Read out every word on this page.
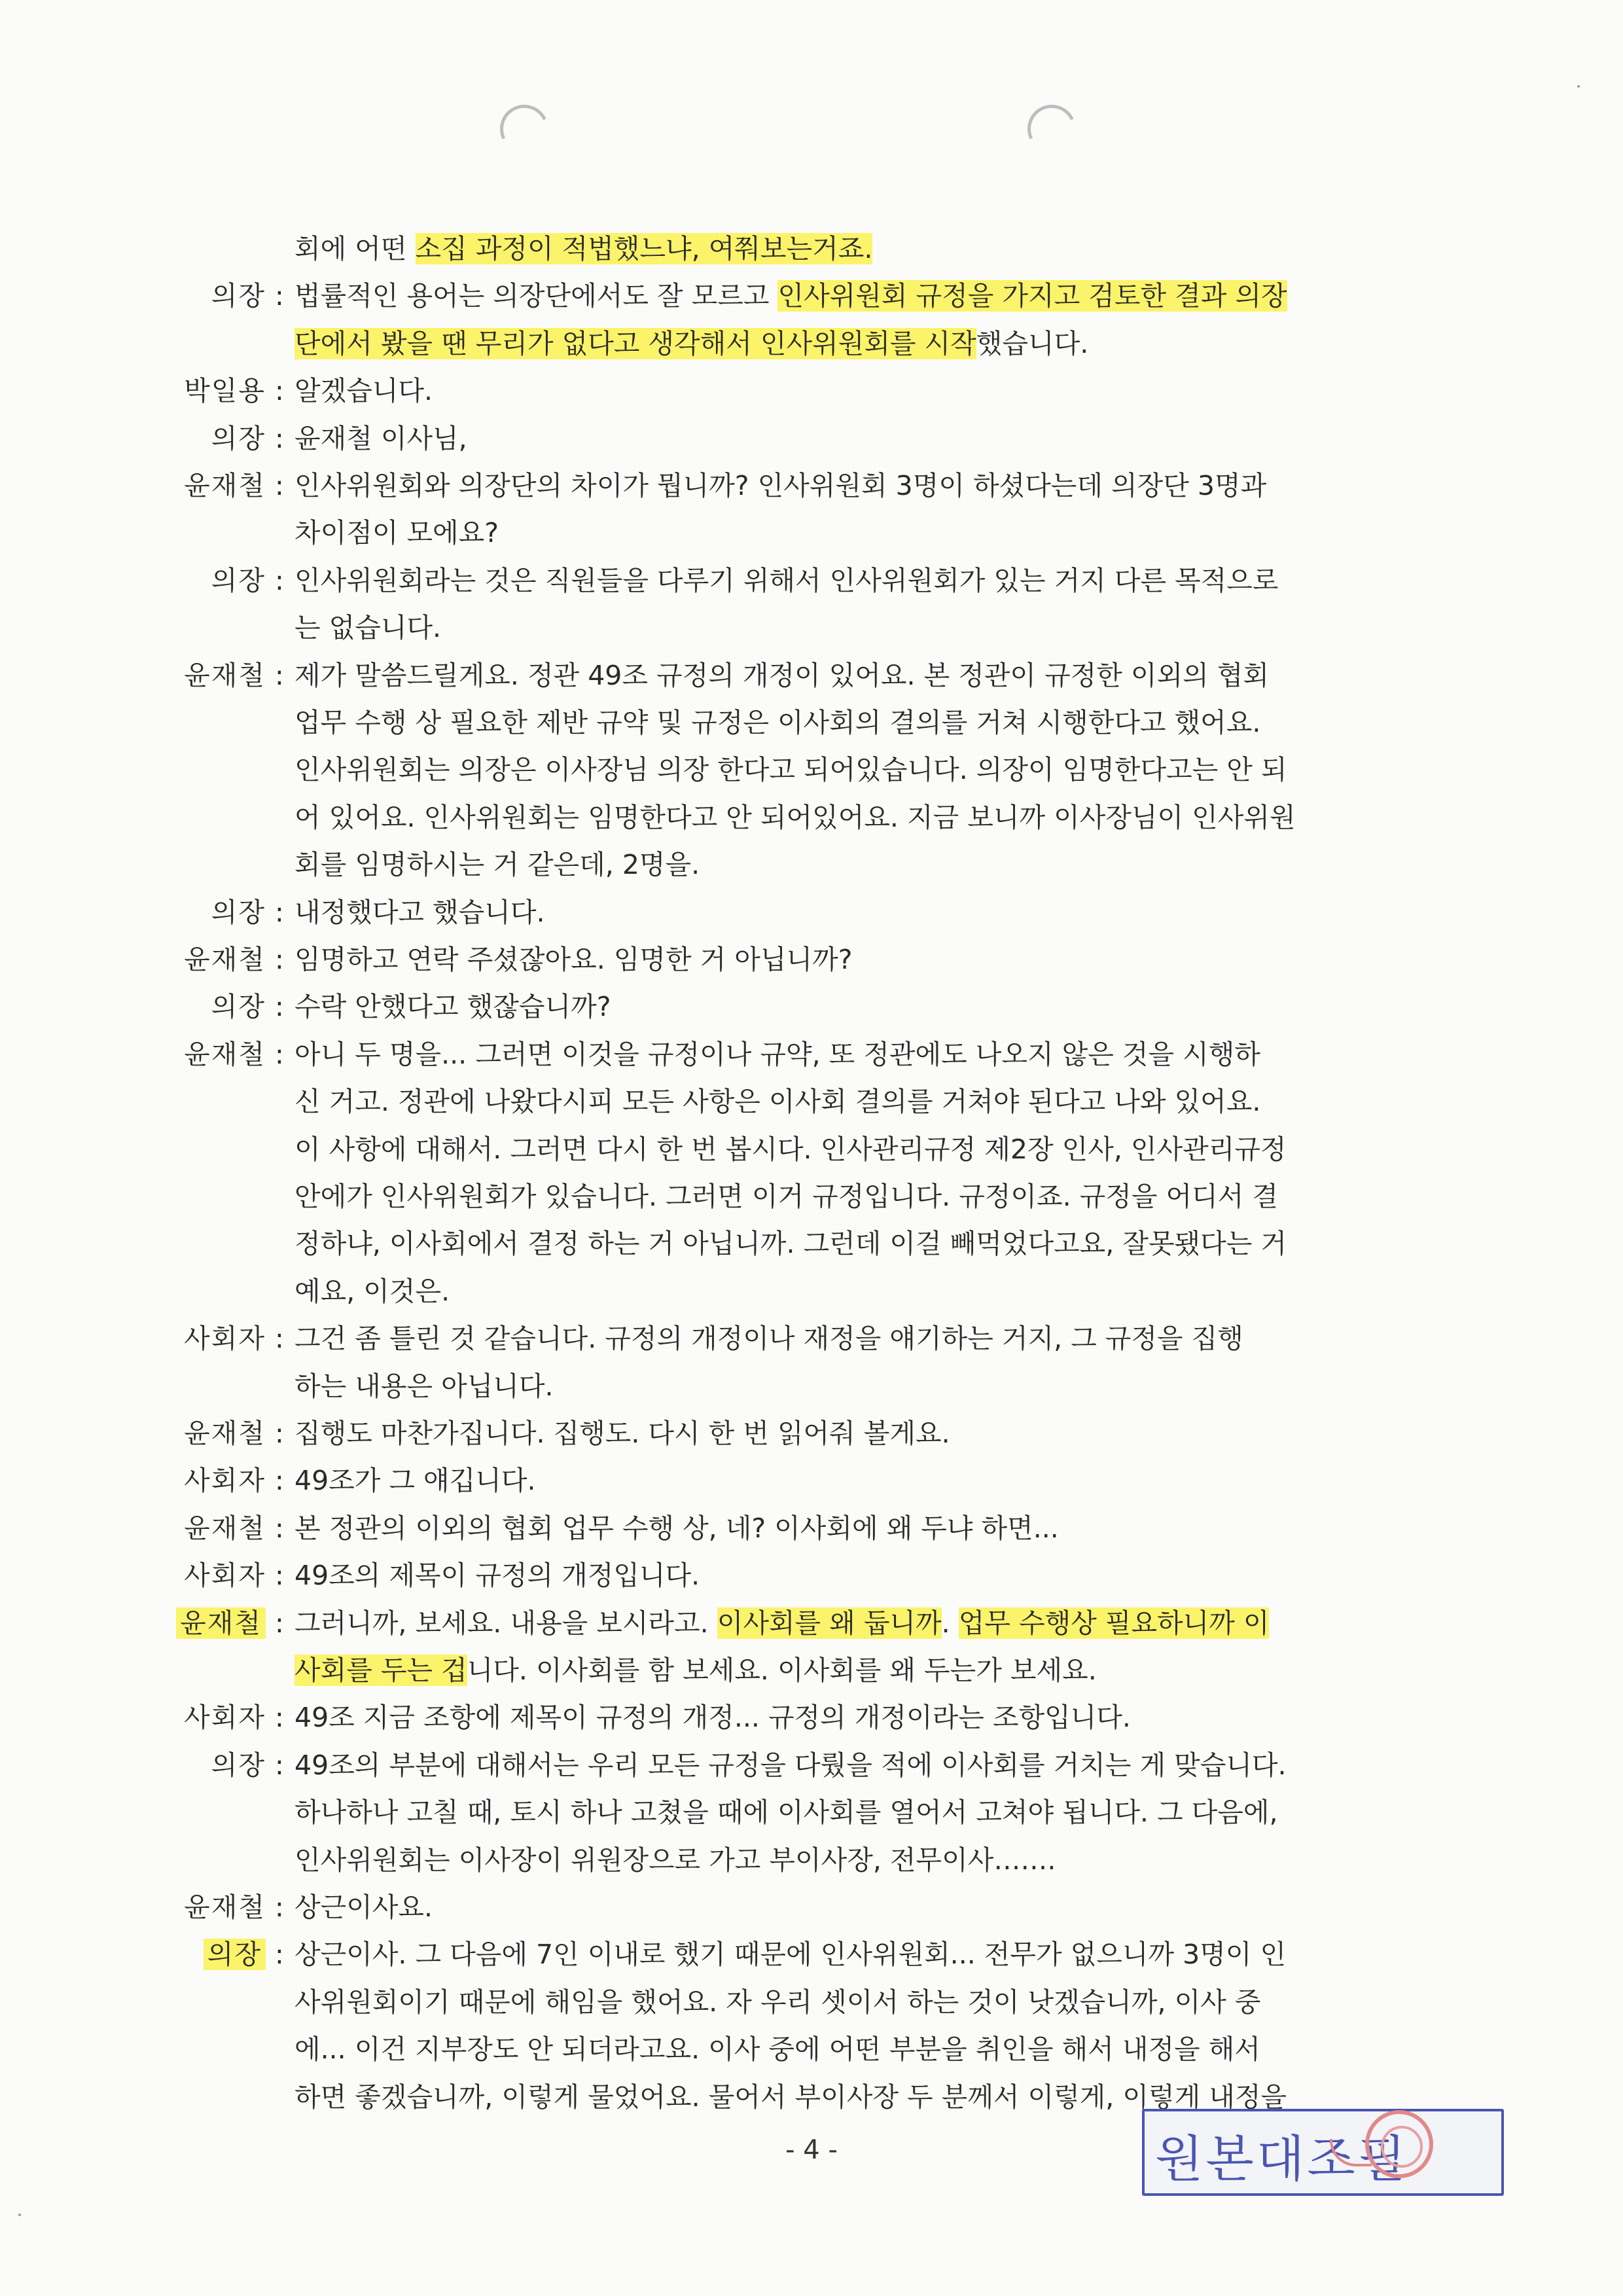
회에 어떤 소집 과정이 적법했느냐, 여쭤보는거죠.
의장 : 법률적인 용어는 의장단에서도 잘 모르고 인사위원회 규정을 가지고 검토한 결과 의장
단에서 봤을 땐 무리가 없다고 생각해서 인사위원회를 시작했습니다.
박일용 : 알겠습니다.
의장 : 윤재철 이사님,
윤재철 : 인사위원회와 의장단의 차이가 뭡니까? 인사위원회 3명이 하셨다는데 의장단 3명과
차이점이 모에요?
의장 : 인사위원회라는 것은 직원들을 다루기 위해서 인사위원회가 있는 거지 다른 목적으로
는 없습니다.
윤재철 : 제가 말씀드릴게요. 정관 49조 규정의 개정이 있어요. 본 정관이 규정한 이외의 협회
업무 수행 상 필요한 제반 규약 및 규정은 이사회의 결의를 거쳐 시행한다고 했어요.
인사위원회는 의장은 이사장님 의장 한다고 되어있습니다. 의장이 임명한다고는 안 되
어 있어요. 인사위원회는 임명한다고 안 되어있어요. 지금 보니까 이사장님이 인사위원
회를 임명하시는 거 같은데, 2명을.
의장 : 내정했다고 했습니다.
윤재철 : 임명하고 연락 주셨잖아요. 임명한 거 아닙니까?
의장 : 수락 안했다고 했잖습니까?
윤재철 : 아니 두 명을... 그러면 이것을 규정이나 규약, 또 정관에도 나오지 않은 것을 시행하
신 거고. 정관에 나왔다시피 모든 사항은 이사회 결의를 거쳐야 된다고 나와 있어요.
이 사항에 대해서. 그러면 다시 한 번 봅시다. 인사관리규정 제2장 인사, 인사관리규정
안에가 인사위원회가 있습니다. 그러면 이거 규정입니다. 규정이죠. 규정을 어디서 결
정하냐, 이사회에서 결정 하는 거 아닙니까. 그런데 이걸 빼먹었다고요, 잘못됐다는 거
예요, 이것은.
사회자 : 그건 좀 틀린 것 같습니다. 규정의 개정이나 재정을 얘기하는 거지, 그 규정을 집행
하는 내용은 아닙니다.
윤재철 : 집행도 마찬가집니다. 집행도. 다시 한 번 읽어줘 볼게요.
사회자 : 49조가 그 얘깁니다.
윤재철 : 본 정관의 이외의 협회 업무 수행 상, 네? 이사회에 왜 두냐 하면...
사회자 : 49조의 제목이 규정의 개정입니다.
윤재철 : 그러니까, 보세요. 내용을 보시라고. 이사회를 왜 둡니까. 업무 수행상 필요하니까 이
사회를 두는 겁니다. 이사회를 함 보세요. 이사회를 왜 두는가 보세요.
사회자 : 49조 지금 조항에 제목이 규정의 개정... 규정의 개정이라는 조항입니다.
의장 : 49조의 부분에 대해서는 우리 모든 규정을 다뤘을 적에 이사회를 거치는 게 맞습니다.
하나하나 고칠 때, 토시 하나 고쳤을 때에 이사회를 열어서 고쳐야 됩니다. 그 다음에,
인사위원회는 이사장이 위원장으로 가고 부이사장, 전무이사…….
윤재철 : 상근이사요.
의장 : 상근이사. 그 다음에 7인 이내로 했기 때문에 인사위원회... 전무가 없으니까 3명이 인
사위원회이기 때문에 해임을 했어요. 자 우리 셋이서 하는 것이 낫겠습니까, 이사 중
에... 이건 지부장도 안 되더라고요. 이사 중에 어떤 부분을 취인을 해서 내정을 해서
하면 좋겠습니까, 이렇게 물었어요. 물어서 부이사장 두 분께서 이렇게, 이렇게 내정을
- 4 -	원본대조필
